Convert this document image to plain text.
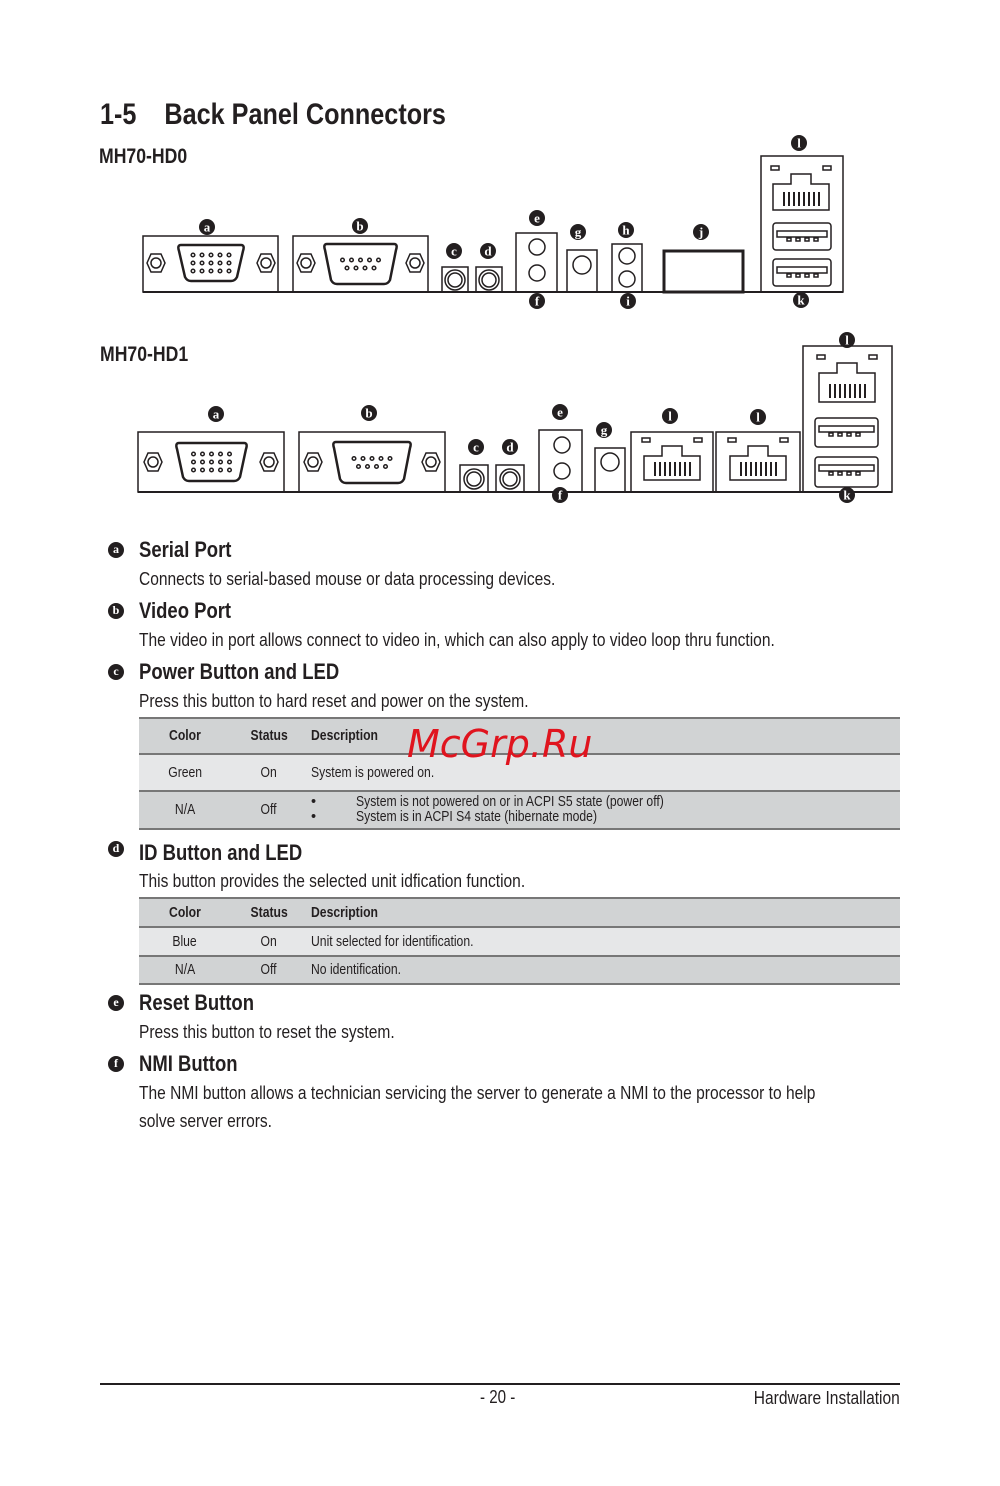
1-5    Back Panel Connectors
MH70-HD0
MH70-HD1
a	b
c d
e
f
g	h
i
j
l
k
a	b
c d
e
f
g
l	l
l
k
a Serial Port
Connects to serial-based mouse or data processing devices.
b Video Port
The video in port allows connect to video in, which can also apply to video loop thru function.
c Power Button and LED
Press this button to hard reset and power on the system.
Color	Status	Description
Green	On	System is powered on.
N/A	Off	• System is not powered on or in ACPI S5 state (power off)
• System is in ACPI S4 state (hibernate mode)
McGrp.Ru
d ID Button and LED
This button provides the selected unit idfication function.
Color	Status	Description
Blue	On	Unit selected for identification.
N/A	Off	No identification.
e Reset Button
Press this button to reset the system.
f NMI Button
The NMI button allows a technician servicing the server to generate a NMI to the processor to help
solve server errors.
- 20 -	Hardware Installation
